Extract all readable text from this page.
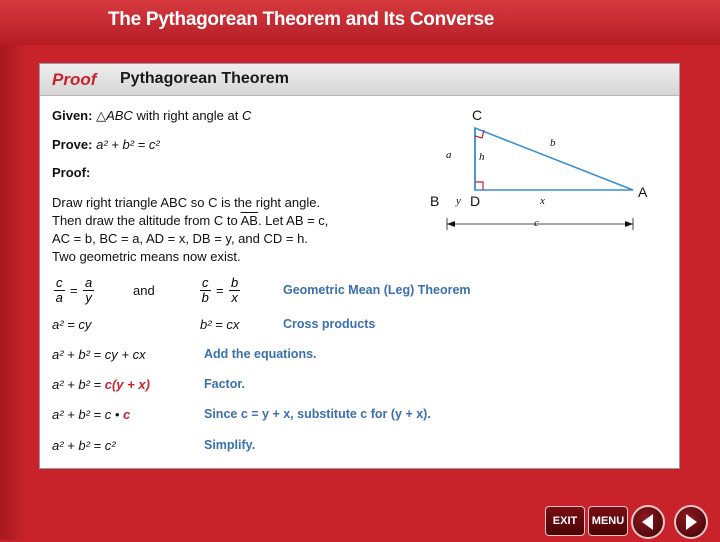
The Pythagorean Theorem and Its Converse
Proof Pythagorean Theorem
Given: △ABC with right angle at C
Prove: a² + b² = c²
Proof:
Draw right triangle ABC so C is the right angle.
Then draw the altitude from C to $\overline{AB}$. Let AB = c,
AC = b, BC = a, AD = x, DB = y, and CD = h.
Two geometric means now exist.
$\frac{c}{a} = \frac{a}{y}$	and	$\frac{c}{b} = \frac{b}{x}$	Geometric Mean (Leg) Theorem
a² = cy	b² = cx	Cross products
a² + b² = cy + cx	Add the equations.
a² + b² = c(y + x)	Factor.
a² + b² = c • c	Since c = y + x, substitute c for (y + x).
a² + b² = c²	Simplify.
C
B D
A
a	h
b
y	x
c
EXIT	MENU
